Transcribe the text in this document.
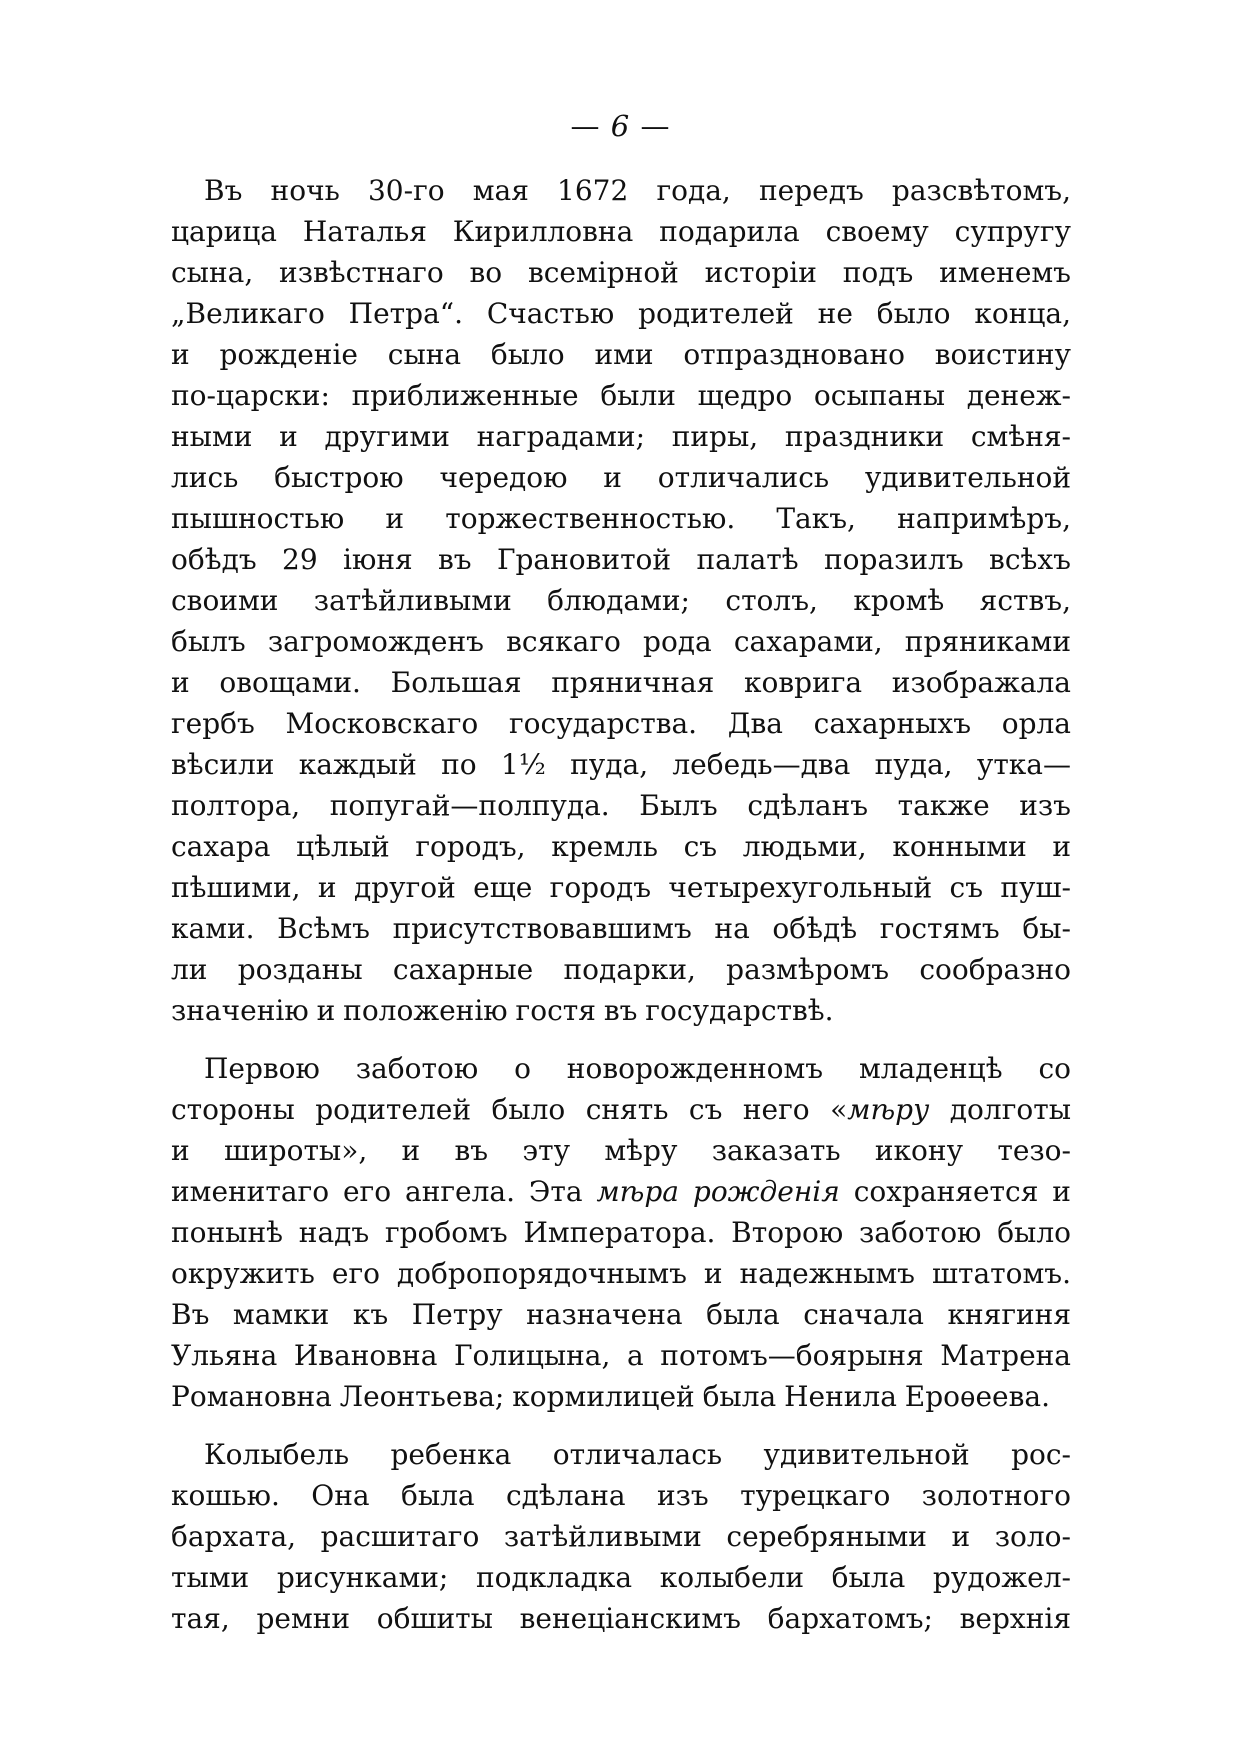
— 6 —

Въ ночь 30-го мая 1672 года, передъ разсвѣтомъ,
царица Наталья Кирилловна подарила своему супругу
сына, извѣстнаго во всемiрной исторiи подъ именемъ
„Великаго Петра“. Счастью родителей не было конца,
и рожденiе сына было ими отпраздновано воистину
по-царски: приближенные были щедро осыпаны денеж-
ными и другими наградами; пиры, праздники смѣня-
лись быстрою чередою и отличались удивительной
пышностью и торжественностью. Такъ, напримѣръ,
обѣдъ 29 iюня въ Грановитой палатѣ поразилъ всѣхъ
своими затѣйливыми блюдами; столъ, кромѣ яствъ,
былъ загроможденъ всякаго рода сахарами, пряниками
и овощами. Большая пряничная коврига изображала
гербъ Московскаго государства. Два сахарныхъ орла
вѣсили каждый по 1½ пуда, лебедь—два пуда, утка—
полтора, попугай—полпуда. Былъ сдѣланъ также изъ
сахара цѣлый городъ, кремль съ людьми, конными и
пѣшими, и другой еще городъ четырехугольный съ пуш-
ками. Всѣмъ присутствовавшимъ на обѣдѣ гостямъ бы-
ли розданы сахарные подарки, размѣромъ сообразно
значенiю и положенiю гостя въ государствѣ.

Первою заботою о новорожденномъ младенцѣ со
стороны родителей было снять съ него «мѣру долготы
и широты», и въ эту мѣру заказать икону тезо-
именитаго его ангела. Эта мѣра рожденiя сохраняется и
понынѣ надъ гробомъ Императора. Второю заботою было
окружить его добропорядочнымъ и надежнымъ штатомъ.
Въ мамки къ Петру назначена была сначала княгиня
Ульяна Ивановна Голицына, а потомъ—боярыня Матрена
Романовна Леонтьева; кормилицей была Ненила Ероѳеева.

Колыбель ребенка отличалась удивительной рос-
кошью. Она была сдѣлана изъ турецкаго золотного
бархата, расшитаго затѣйливыми серебряными и золо-
тыми рисунками; подкладка колыбели была рудожел-
тая, ремни обшиты венецiанскимъ бархатомъ; верхнiя
